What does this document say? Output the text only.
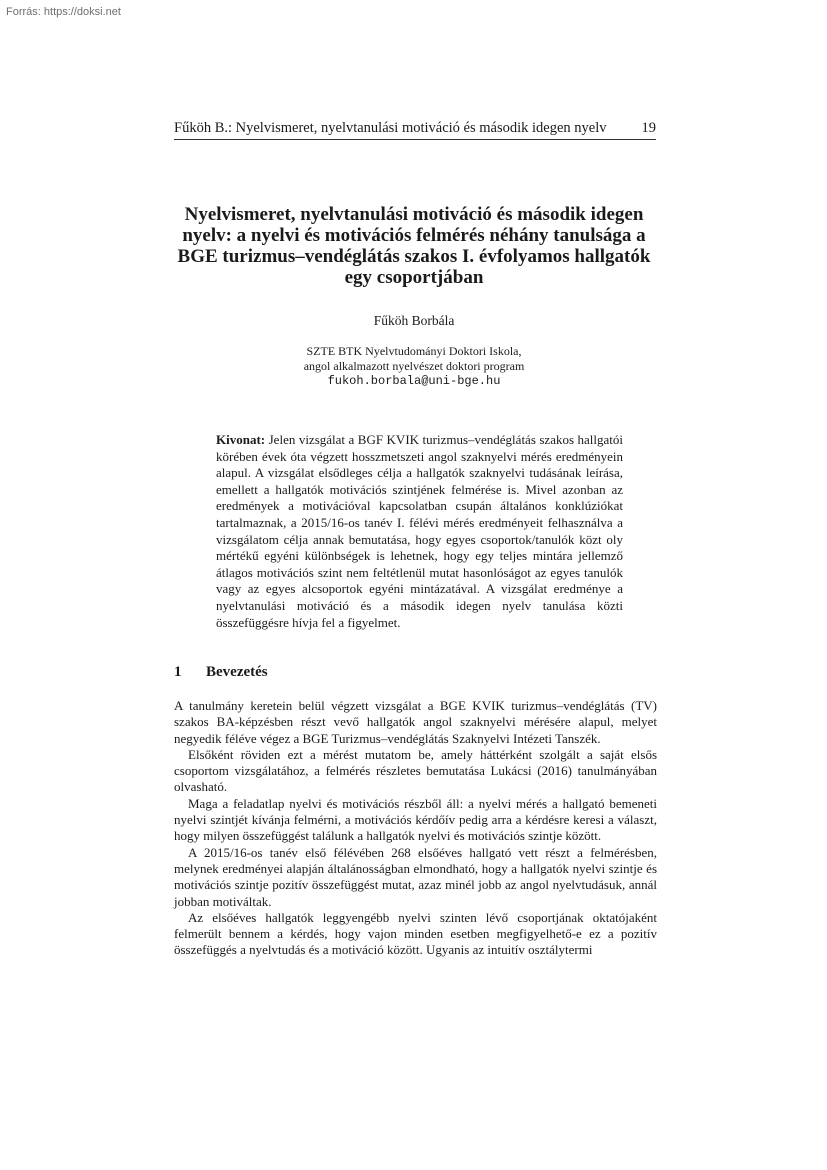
Forrás: https://doksi.net
Fűköh B.: Nyelvismeret, nyelvtanulási motiváció és második idegen nyelv 19
Nyelvismeret, nyelvtanulási motiváció és második idegen
nyelv: a nyelvi és motivációs felmérés néhány tanulsága a
BGE turizmus–vendéglátás szakos I. évfolyamos hallgatók
egy csoportjában
Fűköh Borbála
SZTE BTK Nyelvtudományi Doktori Iskola,
angol alkalmazott nyelvészet doktori program
fukoh.borbala@uni-bge.hu
Kivonat: Jelen vizsgálat a BGF KVIK turizmus–vendéglátás szakos hallgatói körében évek óta végzett hosszmetszeti angol szaknyelvi mérés eredményein alapul. A vizsgálat elsődleges célja a hallgatók szaknyelvi tudásának leírása, emellett a hallgatók motivációs szintjének felmérése is. Mivel azonban az eredmények a motivációval kapcsolatban csupán általános konklúziókat tartalmaznak, a 2015/16-os tanév I. félévi mérés eredményeit felhasználva a vizsgálatom célja annak bemutatása, hogy egyes csoportok/tanulók közt oly mértékű egyéni különbségek is lehetnek, hogy egy teljes mintára jellemző átlagos motivációs szint nem feltétlenül mutat hasonlóságot az egyes tanulók vagy az egyes alcsoportok egyéni mintázatával. A vizsgálat eredménye a nyelvtanulási motiváció és a második idegen nyelv tanulása közti összefüggésre hívja fel a figyelmet.
1 Bevezetés

A tanulmány keretein belül végzett vizsgálat a BGE KVIK turizmus–vendéglátás (TV) szakos BA-képzésben részt vevő hallgatók angol szaknyelvi mérésére alapul, melyet negyedik féléve végez a BGE Turizmus–vendéglátás Szaknyelvi Intézeti Tanszék.

Elsőként röviden ezt a mérést mutatom be, amely háttérként szolgált a saját elsős csoportom vizsgálatához, a felmérés részletes bemutatása Lukácsi (2016) tanulmányában olvasható.

Maga a feladatlap nyelvi és motivációs részből áll: a nyelvi mérés a hallgató bemeneti nyelvi szintjét kívánja felmérni, a motivációs kérdőív pedig arra a kérdésre keresi a választ, hogy milyen összefüggést találunk a hallgatók nyelvi és motivációs szintje között.

A 2015/16-os tanév első félévében 268 elsőéves hallgató vett részt a felmérésben, melynek eredményei alapján általánosságban elmondható, hogy a hallgatók nyelvi szintje és motivációs szintje pozitív összefüggést mutat, azaz minél jobb az angol nyelvtudásuk, annál jobban motiváltak.

Az elsőéves hallgatók leggyengébb nyelvi szinten lévő csoportjának oktatójaként felmerült bennem a kérdés, hogy vajon minden esetben megfigyelhető-e ez a pozitív összefüggés a nyelvtudás és a motiváció között. Ugyanis az intuitív osztálytermi
